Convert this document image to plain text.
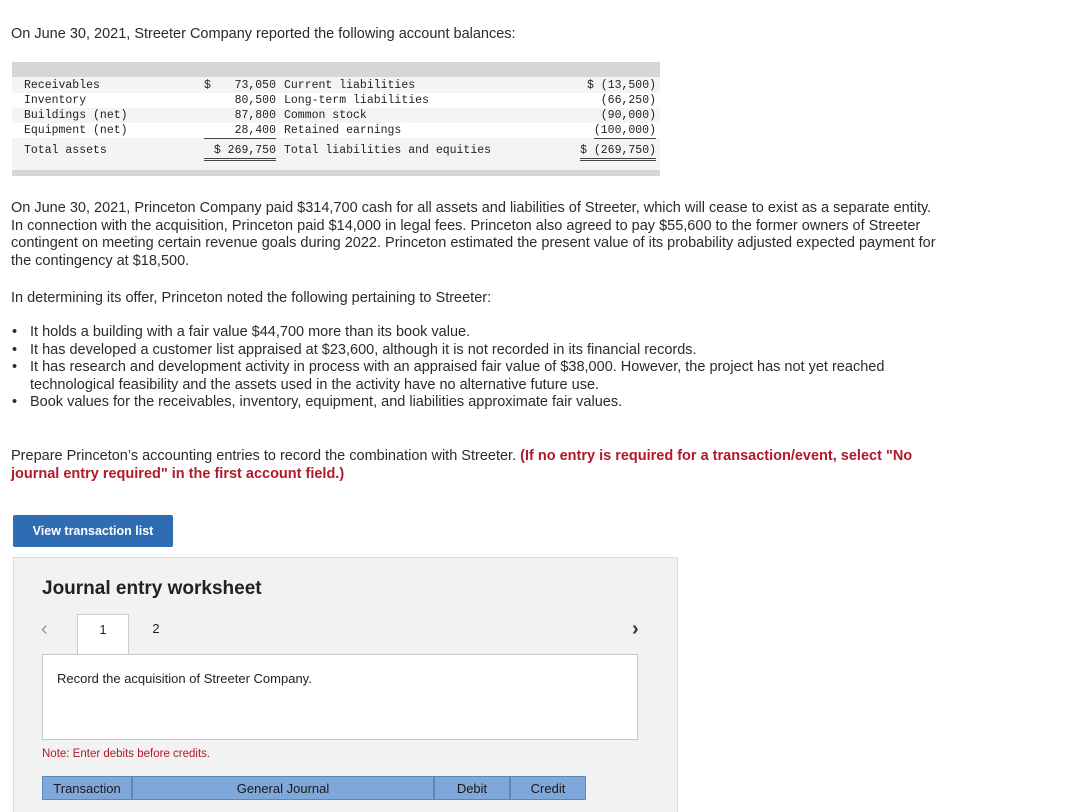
On June 30, 2021, Streeter Company reported the following account balances:

Receivables	$	73,050 Current liabilities	$ (13,500)
Inventory	80,500 Long-term liabilities	(66,250)
Buildings (net)	87,800 Common stock	(90,000)
Equipment (net)	28,400 Retained earnings	(100,000)
Total assets	$ 269,750 Total liabilities and equities	$ (269,750)

On June 30, 2021, Princeton Company paid $314,700 cash for all assets and liabilities of Streeter, which will cease to exist as a separate entity. In connection with the acquisition, Princeton paid $14,000 in legal fees. Princeton also agreed to pay $55,600 to the former owners of Streeter contingent on meeting certain revenue goals during 2022. Princeton estimated the present value of its probability adjusted expected payment for the contingency at $18,500.

In determining its offer, Princeton noted the following pertaining to Streeter:

• It holds a building with a fair value $44,700 more than its book value.
• It has developed a customer list appraised at $23,600, although it is not recorded in its financial records.
• It has research and development activity in process with an appraised fair value of $38,000. However, the project has not yet reached technological feasibility and the assets used in the activity have no alternative future use.
• Book values for the receivables, inventory, equipment, and liabilities approximate fair values.

Prepare Princeton’s accounting entries to record the combination with Streeter. (If no entry is required for a transaction/event, select "No journal entry required" in the first account field.)

View transaction list
Journal entry worksheet
‹	1	2	›
Record the acquisition of Streeter Company.
Note: Enter debits before credits.
Transaction	General Journal	Debit	Credit
